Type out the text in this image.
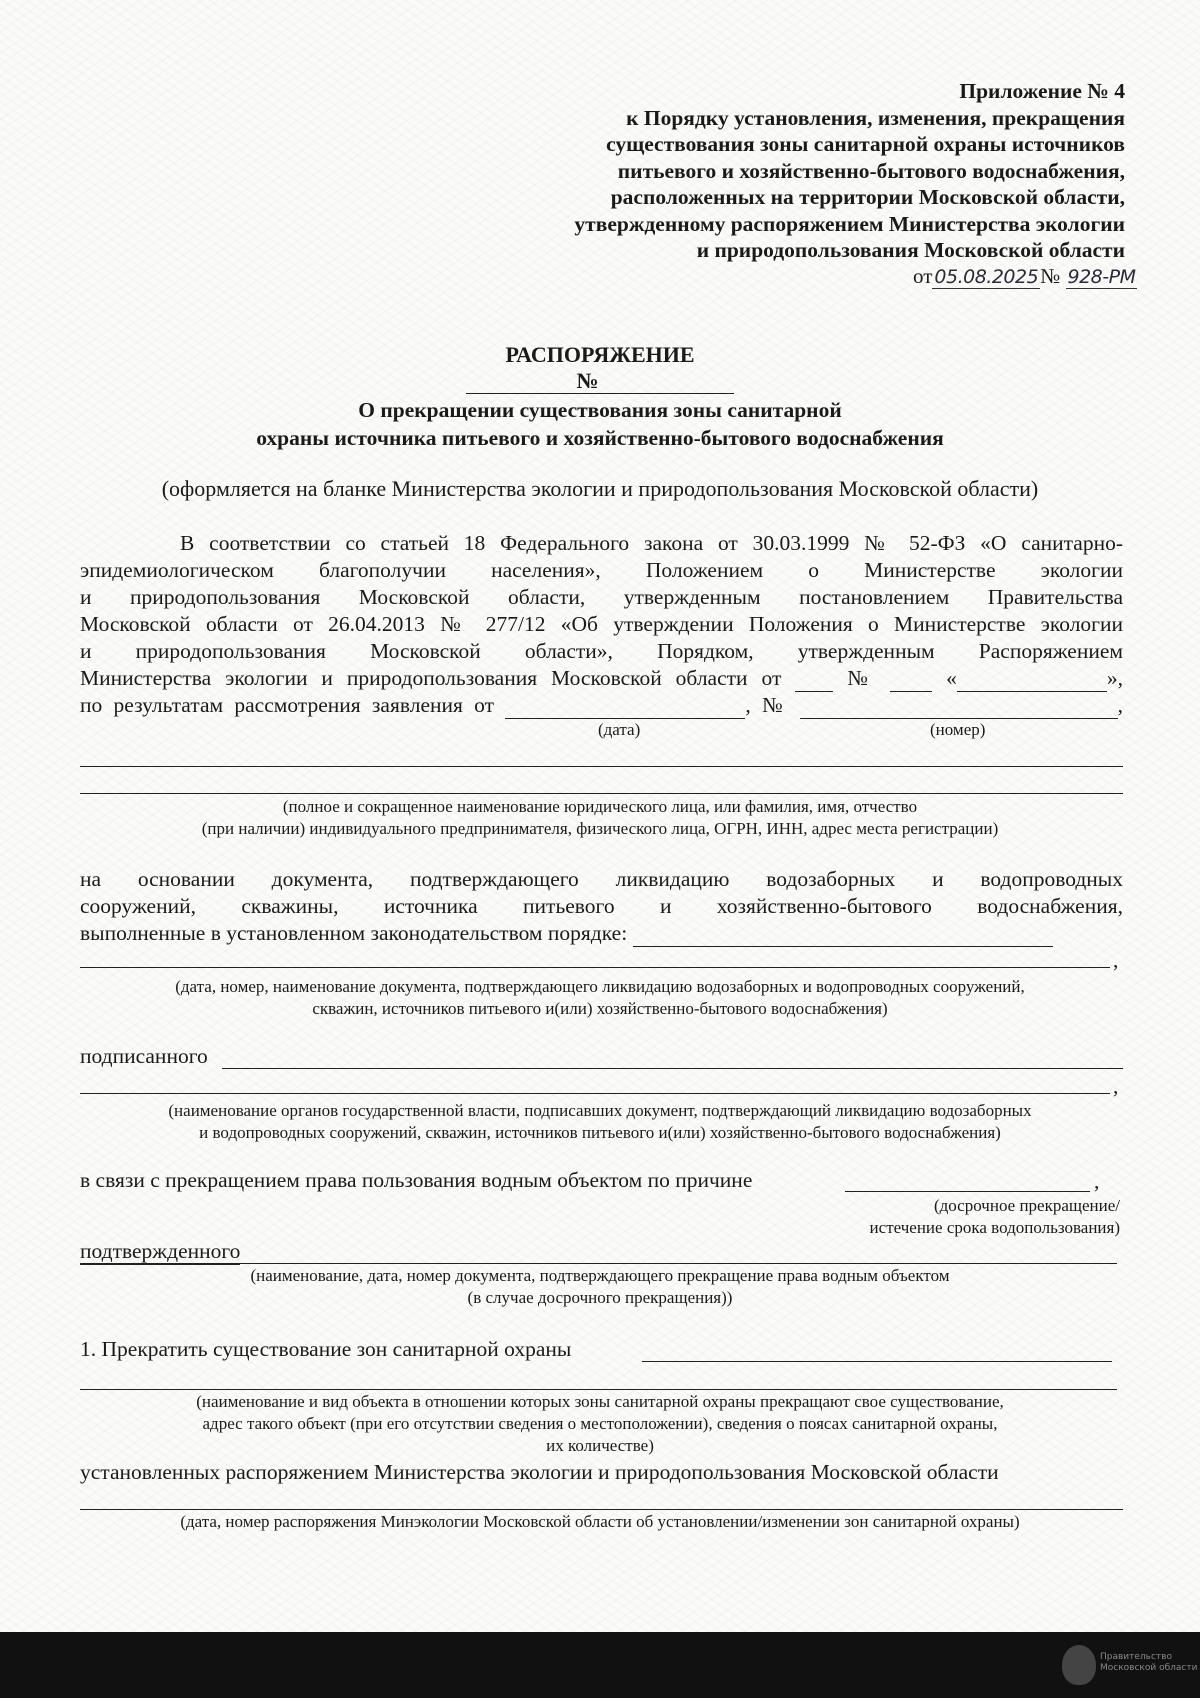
Приложение № 4
к Порядку установления, изменения, прекращения
существования зоны санитарной охраны источников
питьевого и хозяйственно-бытового водоснабжения,
расположенных на территории Московской области,
утвержденному распоряжением Министерства экологии
и природопользования Московской области
от 05.08.2025№ 928-РМ
РАСПОРЯЖЕНИЕ
№
О прекращении существования зоны санитарной
охраны источника питьевого и хозяйственно-бытового водоснабжения
(оформляется на бланке Министерства экологии и природопользования Московской области)
В соответствии со статьей 18 Федерального закона от 30.03.1999 № 52-ФЗ «О санитарно-
эпидемиологическом благополучии населения», Положением о Министерстве экологии
и природопользования Московской области, утвержденным постановлением Правительства
Московской области от 26.04.2013 № 277/12 «Об утверждении Положения о Министерстве экологии
и природопользования Московской области», Порядком, утвержденным Распоряжением
Министерства экологии и природопользования Московской области от	№	«	»,
по результатам рассмотрения заявления от	, №	,
(дата)	(номер)
(полное и сокращенное наименование юридического лица, или фамилия, имя, отчество
(при наличии) индивидуального предпринимателя, физического лица, ОГРН, ИНН, адрес места регистрации)
на основании документа, подтверждающего ликвидацию водозаборных и водопроводных
сооружений, скважины, источника питьевого и хозяйственно-бытового водоснабжения,
выполненные в установленном законодательством порядке:
,
(дата, номер, наименование документа, подтверждающего ликвидацию водозаборных и водопроводных сооружений,
скважин, источников питьевого и(или) хозяйственно-бытового водоснабжения)
подписанного
,
(наименование органов государственной власти, подписавших документ, подтверждающий ликвидацию водозаборных
и водопроводных сооружений, скважин, источников питьевого и(или) хозяйственно-бытового водоснабжения)
в связи с прекращением права пользования водным объектом по причине	,
(досрочное прекращение/
истечение срока водопользования)
подтвержденного
(наименование, дата, номер документа, подтверждающего прекращение права водным объектом
(в случае досрочного прекращения))
1. Прекратить существование зон санитарной охраны
(наименование и вид объекта в отношении которых зоны санитарной охраны прекращают свое существование,
адрес такого объект (при его отсутствии сведения о местоположении), сведения о поясах санитарной охраны,
их количестве)
установленных распоряжением Министерства экологии и природопользования Московской области
(дата, номер распоряжения Минэкологии Московской области об установлении/изменении зон санитарной охраны)
Правительство
Московской области
